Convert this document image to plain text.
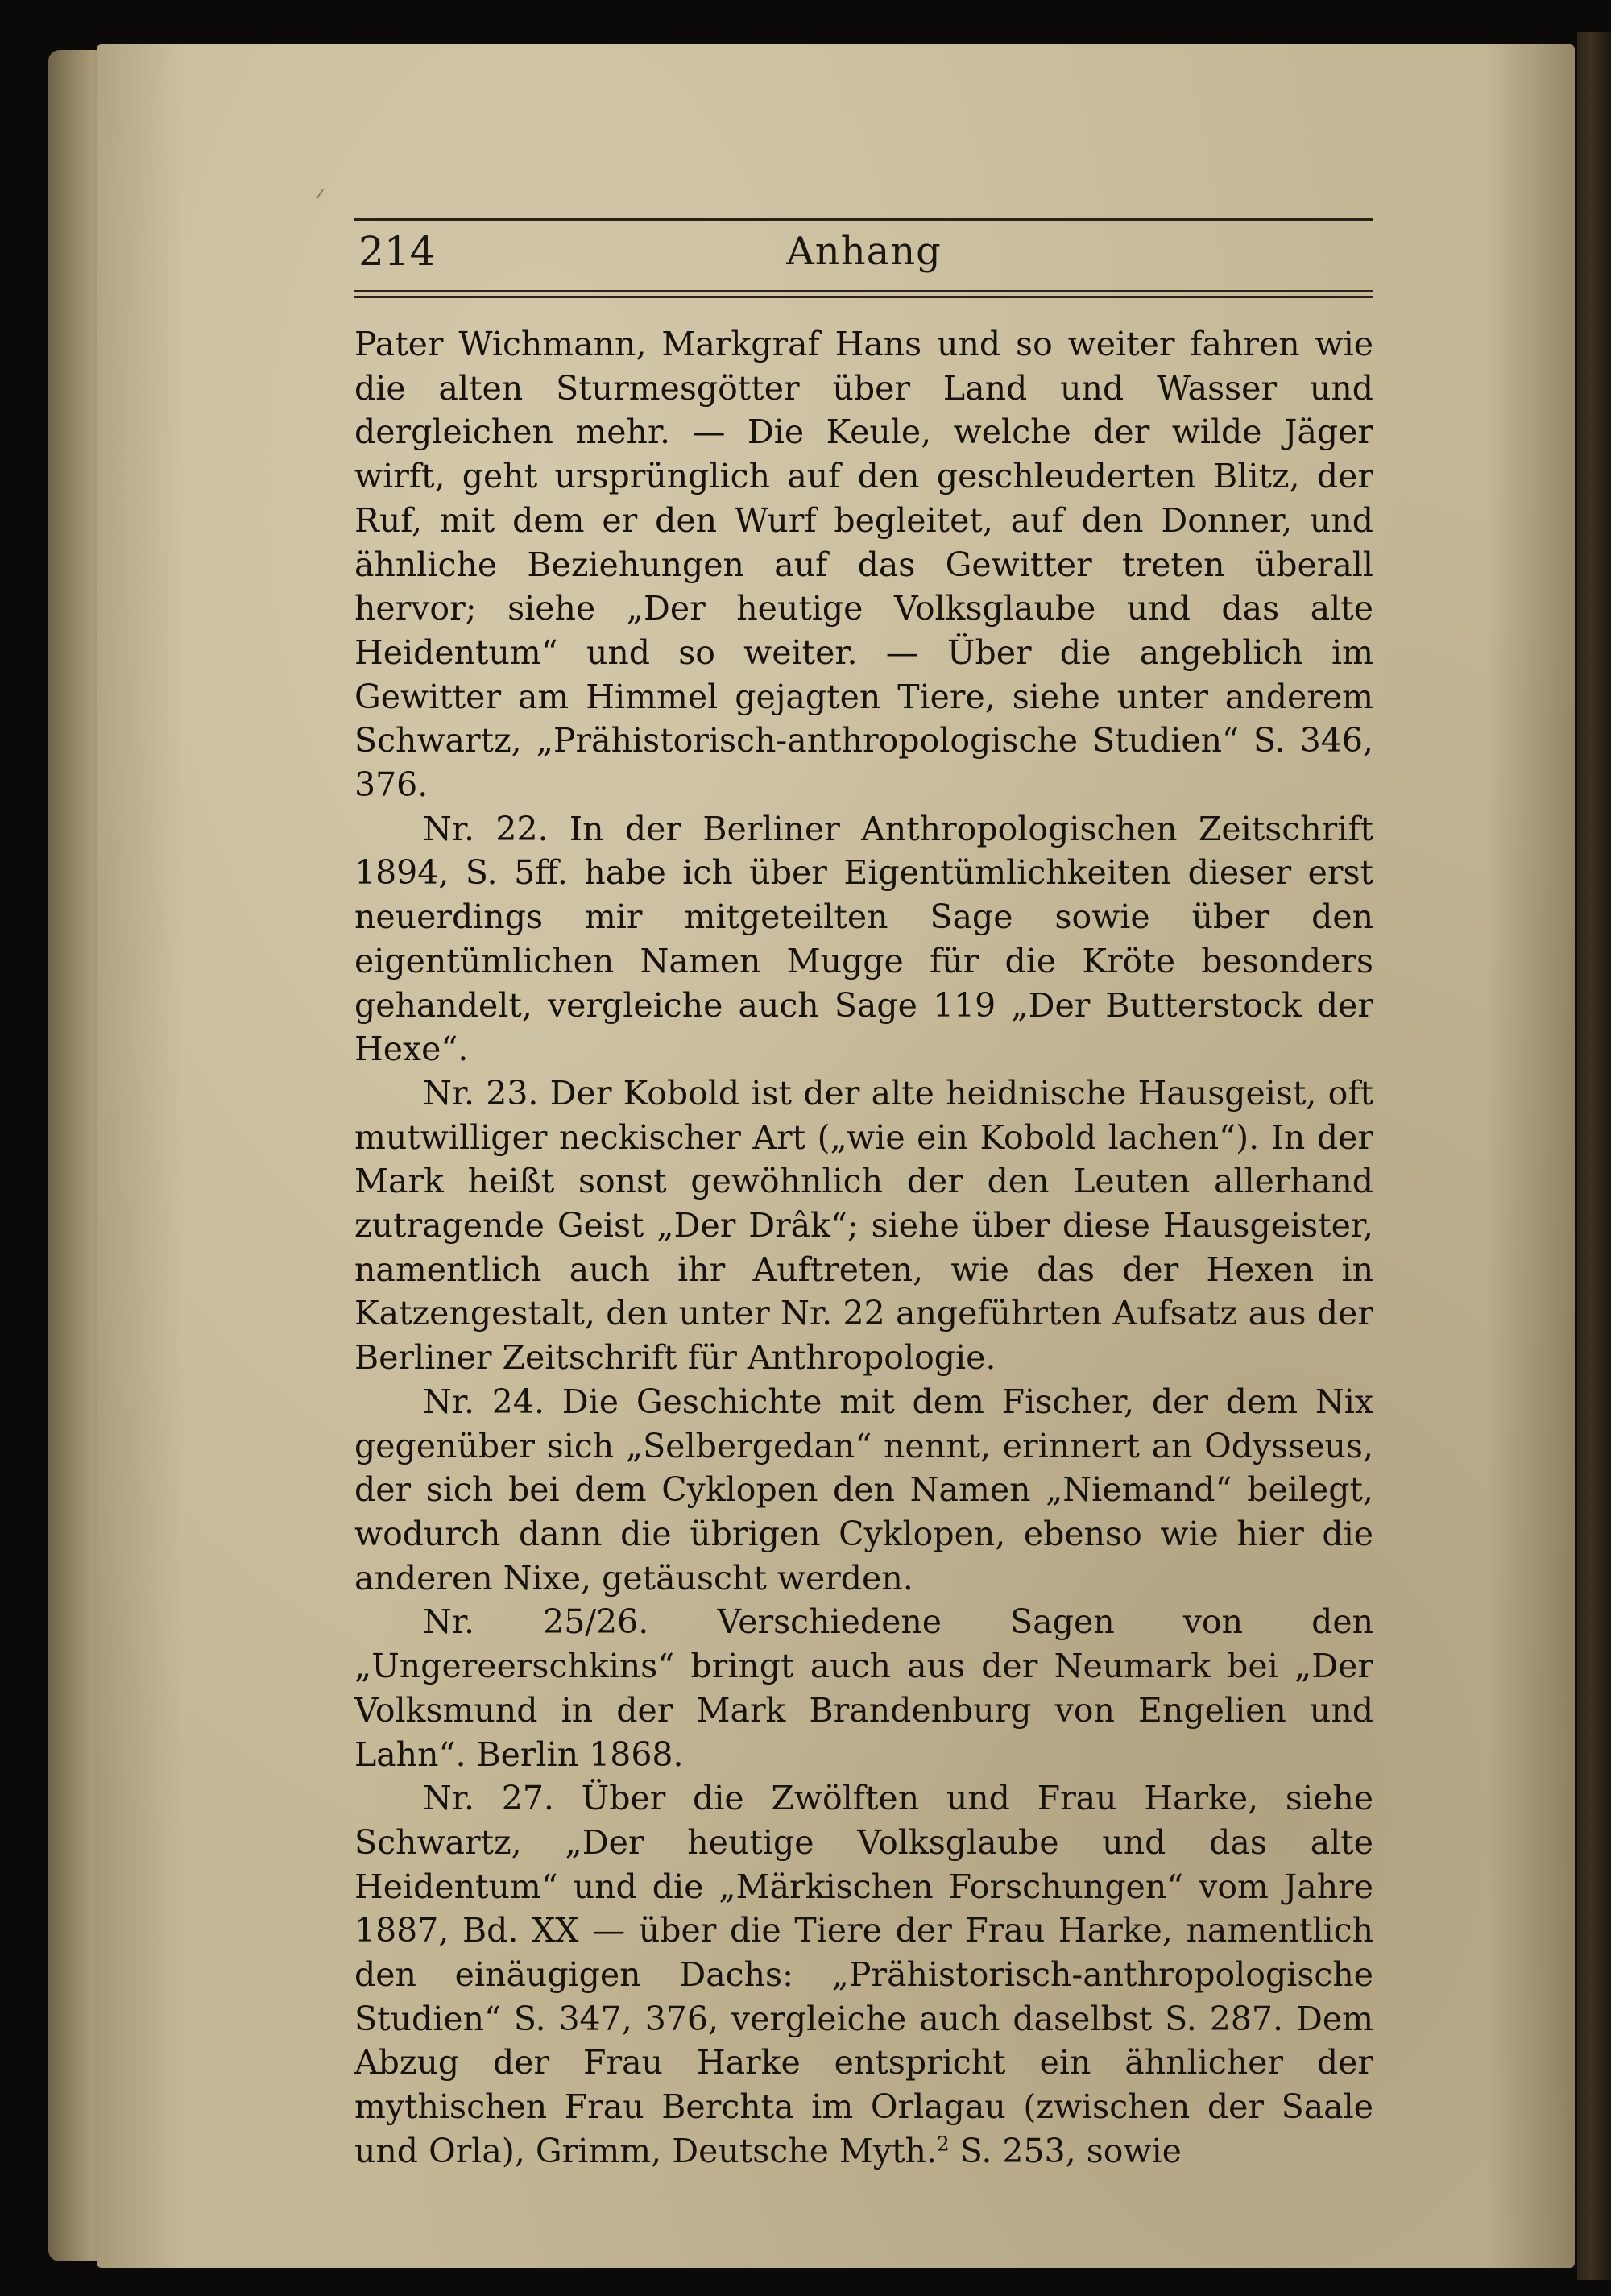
214	Anhang

Pater Wichmann, Markgraf Hans und so weiter fahren wie die alten Sturmesgötter über Land und Wasser und dergleichen mehr. — Die Keule, welche der wilde Jäger wirft, geht ursprünglich auf den geschleuderten Blitz, der Ruf, mit dem er den Wurf begleitet, auf den Donner, und ähnliche Beziehungen auf das Gewitter treten überall hervor; siehe „Der heutige Volksglaube und das alte Heidentum“ und so weiter. — Über die angeblich im Gewitter am Himmel gejagten Tiere, siehe unter anderem Schwartz, „Prähistorisch-anthropologische Studien“ S. 346, 376.

Nr. 22. In der Berliner Anthropologischen Zeitschrift 1894, S. 5ff. habe ich über Eigentümlichkeiten dieser erst neuerdings mir mitgeteilten Sage sowie über den eigentümlichen Namen Mugge für die Kröte besonders gehandelt, vergleiche auch Sage 119 „Der Butterstock der Hexe“.

Nr. 23. Der Kobold ist der alte heidnische Hausgeist, oft mutwilliger neckischer Art („wie ein Kobold lachen“). In der Mark heißt sonst gewöhnlich der den Leuten allerhand zutragende Geist „Der Drâk“; siehe über diese Hausgeister, namentlich auch ihr Auftreten, wie das der Hexen in Katzengestalt, den unter Nr. 22 angeführten Aufsatz aus der Berliner Zeitschrift für Anthropologie.

Nr. 24. Die Geschichte mit dem Fischer, der dem Nix gegenüber sich „Selbergedan“ nennt, erinnert an Odysseus, der sich bei dem Cyklopen den Namen „Niemand“ beilegt, wodurch dann die übrigen Cyklopen, ebenso wie hier die anderen Nixe, getäuscht werden.

Nr. 25/26. Verschiedene Sagen von den „Ungereerschkins“ bringt auch aus der Neumark bei „Der Volksmund in der Mark Brandenburg von Engelien und Lahn“. Berlin 1868.

Nr. 27. Über die Zwölften und Frau Harke, siehe Schwartz, „Der heutige Volksglaube und das alte Heidentum“ und die „Märkischen Forschungen“ vom Jahre 1887, Bd. XX — über die Tiere der Frau Harke, namentlich den einäugigen Dachs: „Prähistorisch-anthropologische Studien“ S. 347, 376, vergleiche auch daselbst S. 287. Dem Abzug der Frau Harke entspricht ein ähnlicher der mythischen Frau Berchta im Orlagau (zwischen der Saale und Orla), Grimm, Deutsche Myth.$^2$ S. 253, sowie
